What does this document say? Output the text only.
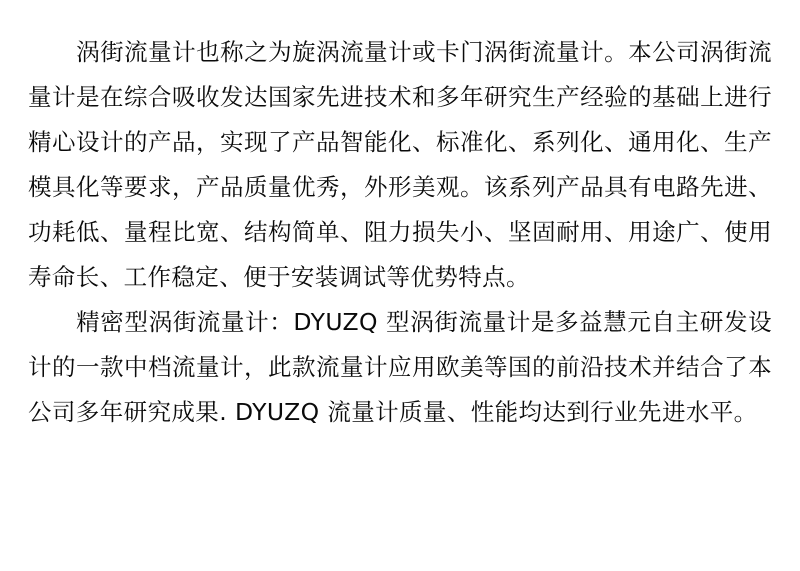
涡街流量计也称之为旋涡流量计或卡门涡街流量计。本公司涡街流量计是在综合吸收发达国家先进技术和多年研究生产经验的基础上进行精心设计的产品，实现了产品智能化、标准化、系列化、通用化、生产模具化等要求，产品质量优秀，外形美观。该系列产品具有电路先进、功耗低、量程比宽、结构简单、阻力损失小、坚固耐用、用途广、使用寿命长、工作稳定、便于安装调试等优势特点。

精密型涡街流量计：DYUZQ 型涡街流量计是多益慧元自主研发设计的一款中档流量计，此款流量计应用欧美等国的前沿技术并结合了本公司多年研究成果. DYUZQ 流量计质量、性能均达到行业先进水平。
